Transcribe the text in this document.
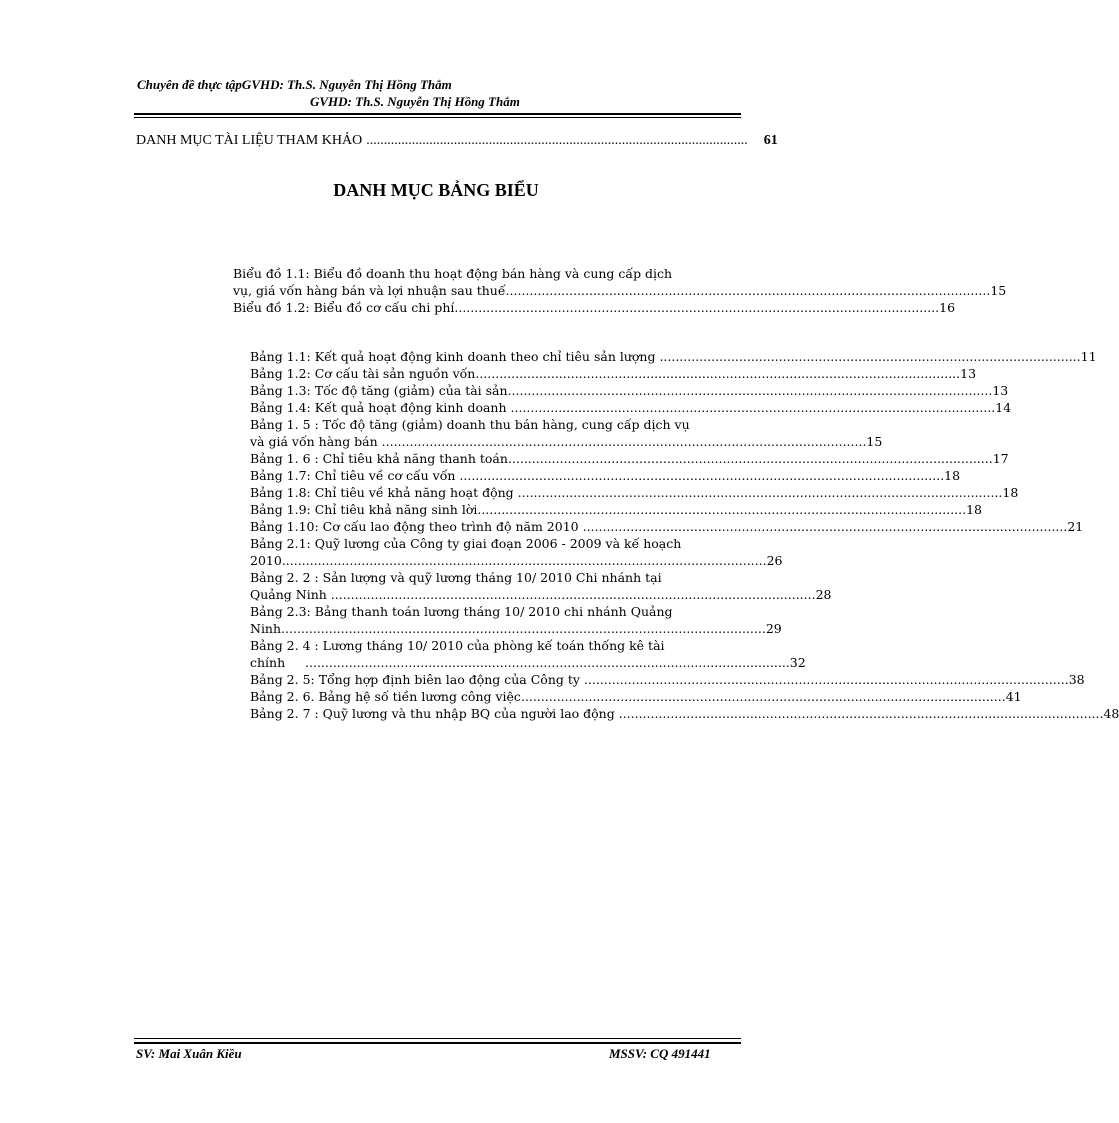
Chuyên đề thực tậpGVHD: Th.S. Nguyễn Thị Hồng Thắm
GVHD: Th.S. Nguyễn Thị Hồng Thắm
DANH MỤC TÀI LIỆU THAM KHẢO ............................................................................................................. 61
DANH MỤC BẢNG BIỂU
Biểu đồ 1.1: Biểu đồ doanh thu hoạt động bán hàng và cung cấp dịch
vụ, giá vốn hàng bán và lợi nhuận sau thuế .......................................................................................................................... 15
Biểu đồ 1.2: Biểu đồ cơ cấu chi phí .......................................................................................................................... 16
Bảng 1.1: Kết quả hoạt động kinh doanh theo chỉ tiêu sản lượng .......................................................................................................... 11
Bảng 1.2: Cơ cấu tài sản nguồn vốn .......................................................................................................................... 13
Bảng 1.3: Tốc độ tăng (giảm) của tài sản .......................................................................................................................... 13
Bảng 1.4: Kết quả hoạt động kinh doanh .......................................................................................................................... 14
Bảng 1. 5 : Tốc độ tăng (giảm) doanh thu bán hàng, cung cấp dịch vụ
và giá vốn hàng bán .......................................................................................................................... 15
Bảng 1. 6 : Chỉ tiêu khả năng thanh toán .......................................................................................................................... 17
Bảng 1.7: Chỉ tiêu về cơ cấu vốn .......................................................................................................................... 18
Bảng 1.8: Chỉ tiêu về khả năng hoạt động .......................................................................................................................... 18
Bảng 1.9: Chỉ tiêu khả năng sinh lời. .......................................................................................................................... 18
Bảng 1.10: Cơ cấu lao động theo trình độ năm 2010 .......................................................................................................................... 21
Bảng 2.1: Quỹ lương của Công ty giai đoạn 2006 - 2009 và kế hoạch
2010 .......................................................................................................................... 26
Bảng 2. 2 : Sản lượng và quỹ lương tháng 10/ 2010 Chi nhánh tại
Quảng Ninh .......................................................................................................................... 28
Bảng 2.3: Bảng thanh toán lương tháng 10/ 2010 chi nhánh Quảng
Ninh .......................................................................................................................... 29
Bảng 2. 4 : Lương tháng 10/ 2010 của phòng kế toán thống kê tài
chính .......................................................................................................................... 32
Bảng 2. 5: Tổng hợp định biên lao động của Công ty .......................................................................................................................... 38
Bảng 2. 6. Bảng hệ số tiền lương công việc .......................................................................................................................... 41
Bảng 2. 7 : Quỹ lương và thu nhập BQ của người lao động .......................................................................................................................... 48
SV: Mai Xuân Kiều	MSSV: CQ 491441
